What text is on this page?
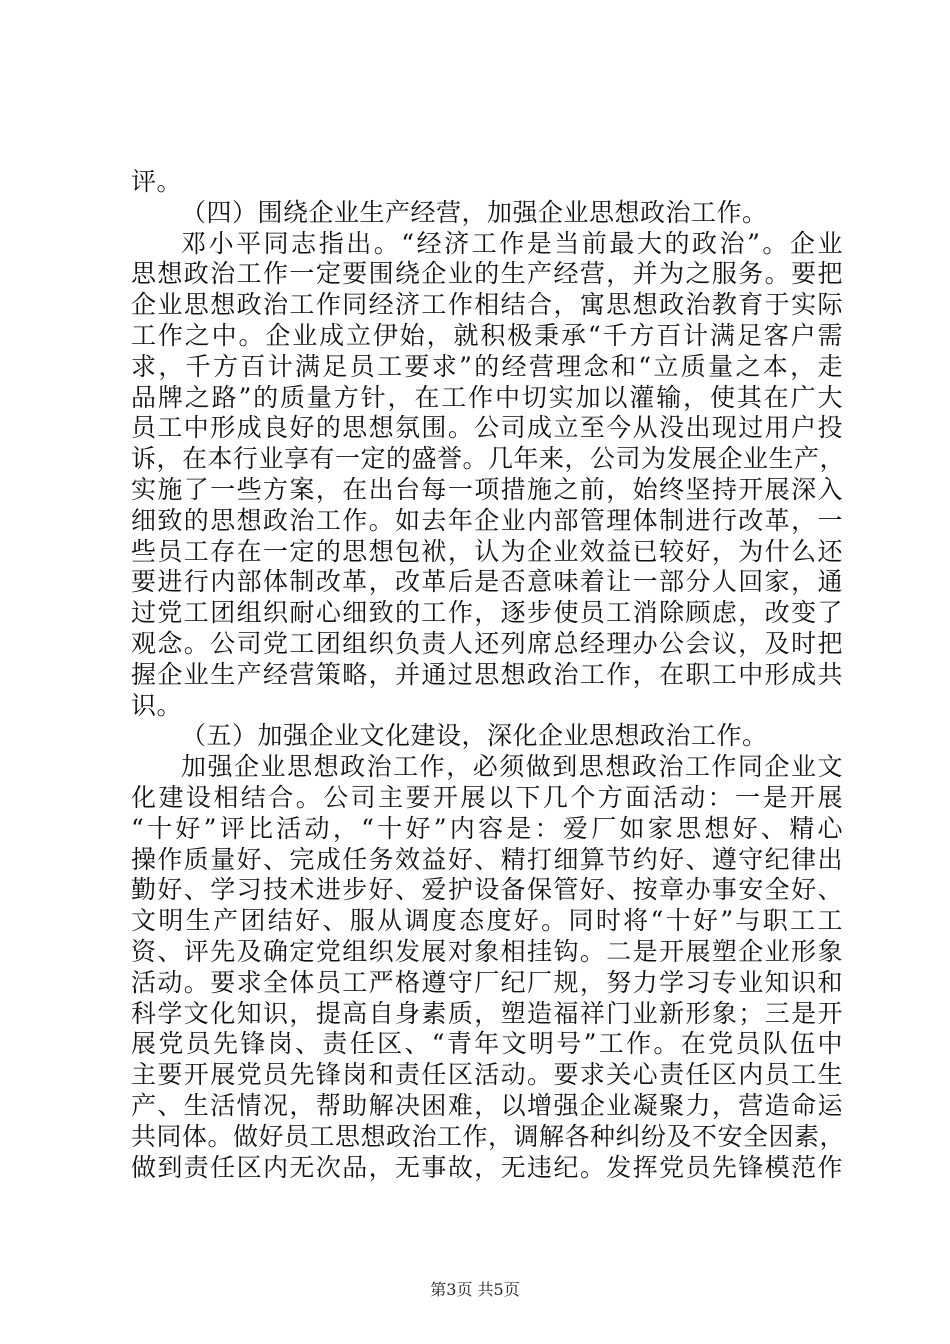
评。
（四）围绕企业生产经营，加强企业思想政治工作。
邓小平同志指出。“经济工作是当前最大的政治”。企业
思想政治工作一定要围绕企业的生产经营，并为之服务。要把
企业思想政治工作同经济工作相结合，寓思想政治教育于实际
工作之中。企业成立伊始，就积极秉承“千方百计满足客户需
求，千方百计满足员工要求”的经营理念和“立质量之本，走
品牌之路”的质量方针，在工作中切实加以灌输，使其在广大
员工中形成良好的思想氛围。公司成立至今从没出现过用户投
诉，在本行业享有一定的盛誉。几年来，公司为发展企业生产，
实施了一些方案，在出台每一项措施之前，始终坚持开展深入
细致的思想政治工作。如去年企业内部管理体制进行改革，一
些员工存在一定的思想包袱，认为企业效益已较好，为什么还
要进行内部体制改革，改革后是否意味着让一部分人回家，通
过党工团组织耐心细致的工作，逐步使员工消除顾虑，改变了
观念。公司党工团组织负责人还列席总经理办公会议，及时把
握企业生产经营策略，并通过思想政治工作，在职工中形成共
识。
（五）加强企业文化建设，深化企业思想政治工作。
加强企业思想政治工作，必须做到思想政治工作同企业文
化建设相结合。公司主要开展以下几个方面活动：一是开展
“十好”评比活动，“十好”内容是：爱厂如家思想好、精心
操作质量好、完成任务效益好、精打细算节约好、遵守纪律出
勤好、学习技术进步好、爱护设备保管好、按章办事安全好、
文明生产团结好、服从调度态度好。同时将“十好”与职工工
资、评先及确定党组织发展对象相挂钩。二是开展塑企业形象
活动。要求全体员工严格遵守厂纪厂规，努力学习专业知识和
科学文化知识，提高自身素质，塑造福祥门业新形象；三是开
展党员先锋岗、责任区、“青年文明号”工作。在党员队伍中
主要开展党员先锋岗和责任区活动。要求关心责任区内员工生
产、生活情况，帮助解决困难，以增强企业凝聚力，营造命运
共同体。做好员工思想政治工作，调解各种纠纷及不安全因素，
做到责任区内无次品，无事故，无违纪。发挥党员先锋模范作
第3页 共5页
